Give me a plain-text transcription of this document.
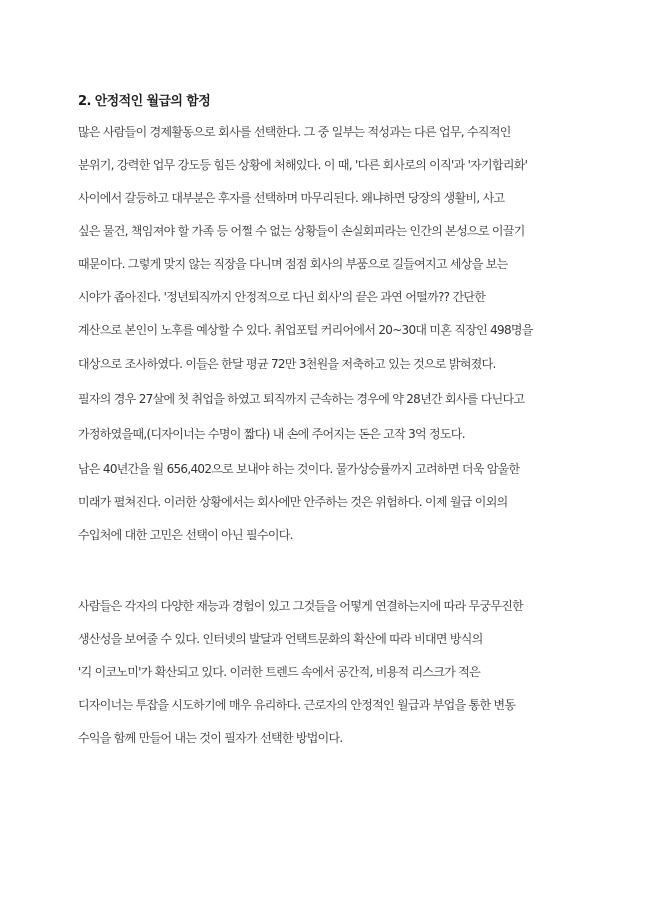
2. 안정적인 월급의 함정
많은 사람들이 경제활동으로 회사를 선택한다. 그 중 일부는 적성과는 다른 업무, 수직적인
분위기, 강력한 업무 강도등 힘든 상황에 처해있다. 이 때, '다른 회사로의 이직'과 '자기합리화'
사이에서 갈등하고 대부분은 후자를 선택하며 마무리된다. 왜냐하면 당장의 생활비, 사고
싶은 물건, 책임져야 할 가족 등 어쩔 수 없는 상황들이 손실회피라는 인간의 본성으로 이끌기
때문이다. 그렇게 맞지 않는 직장을 다니며 점점 회사의 부품으로 길들여지고 세상을 보는
시야가 좁아진다. '정년퇴직까지 안정적으로 다닌 회사'의 끝은 과연 어떨까?? 간단한
계산으로 본인이 노후를 예상할 수 있다. 취업포털 커리어에서 20~30대 미혼 직장인 498명을
대상으로 조사하였다. 이들은 한달 평균 72만 3천원을 저축하고 있는 것으로 밝혀졌다.
필자의 경우 27살에 첫 취업을 하였고 퇴직까지 근속하는 경우에 약 28년간 회사를 다닌다고
가정하였을때,(디자이너는 수명이 짧다) 내 손에 주어지는 돈은 고작 3억 정도다.
남은 40년간을 월 656,402으로 보내야 하는 것이다. 물가상승률까지 고려하면 더욱 암울한
미래가 펼쳐진다. 이러한 상황에서는 회사에만 안주하는 것은 위험하다. 이제 월급 이외의
수입처에 대한 고민은 선택이 아닌 필수이다.
사람들은 각자의 다양한 재능과 경험이 있고 그것들을 어떻게 연결하는지에 따라 무궁무진한
생산성을 보여줄 수 있다. 인터넷의 발달과 언택트문화의 확산에 따라 비대면 방식의
'긱 이코노미'가 확산되고 있다. 이러한 트렌드 속에서 공간적, 비용적 리스크가 적은
디자이너는 투잡을 시도하기에 매우 유리하다. 근로자의 안정적인 월급과 부업을 통한 변동
수익을 함께 만들어 내는 것이 필자가 선택한 방법이다.
